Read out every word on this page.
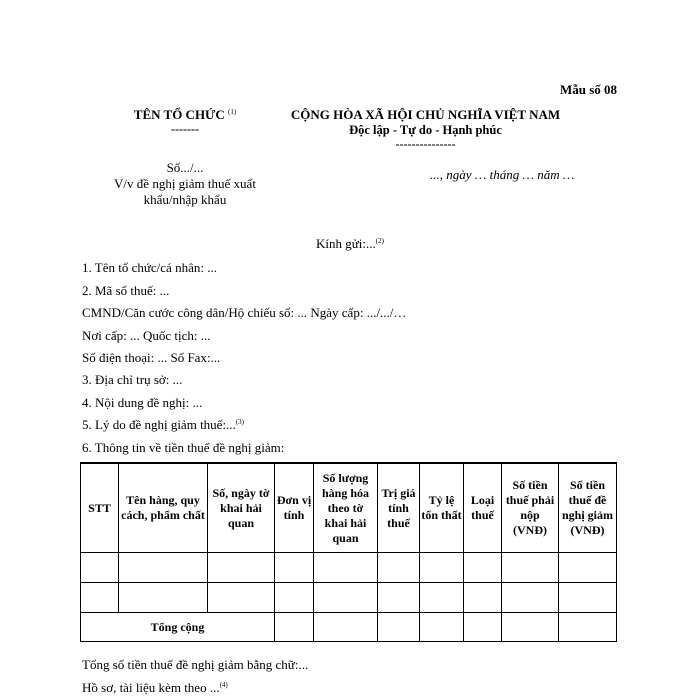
Mẫu số 08
TÊN TỔ CHỨC $^{(1)}$
-------
CỘNG HÒA XÃ HỘI CHỦ NGHĨA VIỆT NAM
Độc lập - Tự do - Hạnh phúc
---------------
Số.../...
V/v đề nghị giảm thuế xuất
khẩu/nhập khẩu
..., ngày … tháng … năm …
Kính gửi:...$^{(2)}$
1. Tên tổ chức/cá nhân: ...
2. Mã số thuế: ...
CMND/Căn cước công dân/Hộ chiếu số: ... Ngày cấp: .../.../…
Nơi cấp: ... Quốc tịch: ...
Số điện thoại: ... Số Fax:...
3. Địa chỉ trụ sở: ...
4. Nội dung đề nghị: ...
5. Lý do đề nghị giảm thuế:...$^{(3)}$
6. Thông tin về tiền thuế đề nghị giảm:
STT	Tên hàng, quy cách, phẩm chất	Số, ngày tờ khai hải quan	Đơn vị tính	Số lượng hàng hóa theo tờ khai hải quan	Trị giá tính thuế	Tỷ lệ tổn thất	Loại thuế	Số tiền thuế phải nộp (VNĐ)	Số tiền thuế đề nghị giảm (VNĐ)

Tổng cộng									
Tổng số tiền thuế đề nghị giảm bằng chữ:...
Hồ sơ, tài liệu kèm theo ...$^{(4)}$
